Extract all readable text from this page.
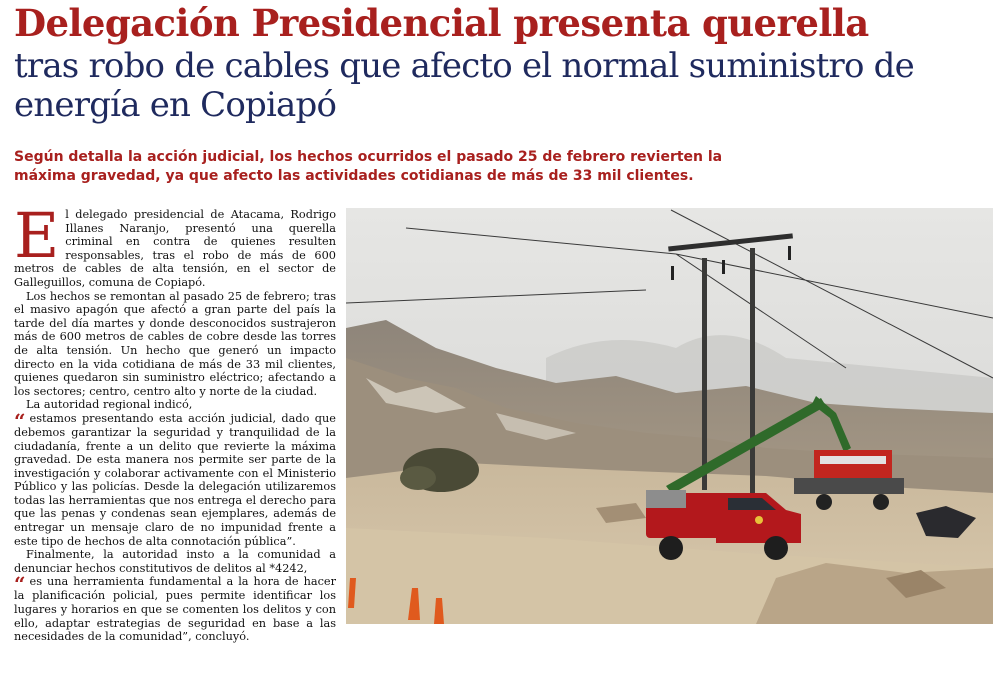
Delegación Presidencial presenta querella
tras robo de cables que afecto el normal suministro de energía en Copiapó
Según detalla la acción judicial, los hechos ocurridos el pasado 25 de febrero revierten la máxima gravedad, ya que afecto las actividades cotidianas de más de 33 mil clientes.

El delegado presidencial de Atacama, Rodrigo Illanes Naranjo, presentó una querella criminal en contra de quienes resulten responsables, tras el robo de más de 600 metros de cables de alta tensión, en el sector de Galleguillos, comuna de Copiapó.

Los hechos se remontan al pasado 25 de febrero; tras el masivo apagón que afectó a gran parte del país la tarde del día martes y donde desconocidos sustrajeron más de 600 metros de cables de cobre desde las torres de alta tensión. Un hecho que generó un impacto directo en la vida cotidiana de más de 33 mil clientes, quienes quedaron sin suministro eléctrico; afectando a los sectores; centro, centro alto y norte de la ciudad.

La autoridad regional indicó,

“ estamos presentando esta acción judicial, dado que debemos garantizar la seguridad y tranquilidad de la ciudadanía, frente a un delito que revierte la máxima gravedad. De esta manera nos permite ser parte de la investigación y colaborar activamente con el Ministerio Público y las policías. Desde la delegación utilizaremos todas las herramientas que nos entrega el derecho para que las penas y condenas sean ejemplares, además de entregar un mensaje claro de no impunidad frente a este tipo de hechos de alta connotación pública”.

Finalmente, la autoridad insto a la comunidad a denunciar hechos constitutivos de delitos al *4242,

“ es una herramienta fundamental a la hora de hacer la planificación policial, pues permite identificar los lugares y horarios en que se comenten los delitos y con ello, adaptar estrategias de seguridad en base a las necesidades de la comunidad”, concluyó.
